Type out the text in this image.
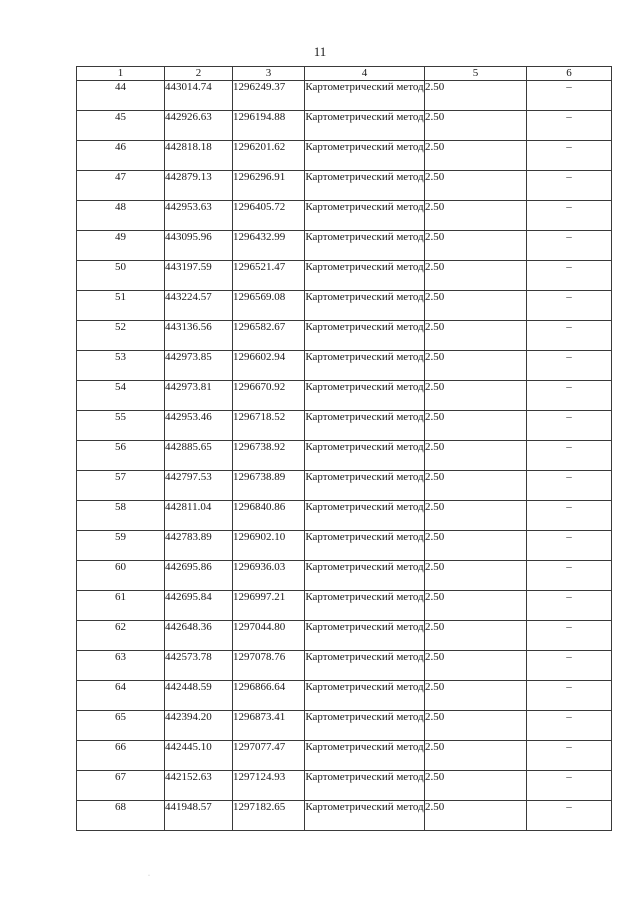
11
1	2	3	4	5	6
44	443014.74	1296249.37	Картометрический метод	2.50	–
45	442926.63	1296194.88	Картометрический метод	2.50	–
46	442818.18	1296201.62	Картометрический метод	2.50	–
47	442879.13	1296296.91	Картометрический метод	2.50	–
48	442953.63	1296405.72	Картометрический метод	2.50	–
49	443095.96	1296432.99	Картометрический метод	2.50	–
50	443197.59	1296521.47	Картометрический метод	2.50	–
51	443224.57	1296569.08	Картометрический метод	2.50	–
52	443136.56	1296582.67	Картометрический метод	2.50	–
53	442973.85	1296602.94	Картометрический метод	2.50	–
54	442973.81	1296670.92	Картометрический метод	2.50	–
55	442953.46	1296718.52	Картометрический метод	2.50	–
56	442885.65	1296738.92	Картометрический метод	2.50	–
57	442797.53	1296738.89	Картометрический метод	2.50	–
58	442811.04	1296840.86	Картометрический метод	2.50	–
59	442783.89	1296902.10	Картометрический метод	2.50	–
60	442695.86	1296936.03	Картометрический метод	2.50	–
61	442695.84	1296997.21	Картометрический метод	2.50	–
62	442648.36	1297044.80	Картометрический метод	2.50	–
63	442573.78	1297078.76	Картометрический метод	2.50	–
64	442448.59	1296866.64	Картометрический метод	2.50	–
65	442394.20	1296873.41	Картометрический метод	2.50	–
66	442445.10	1297077.47	Картометрический метод	2.50	–
67	442152.63	1297124.93	Картометрический метод	2.50	–
68	441948.57	1297182.65	Картометрический метод	2.50	–
·
